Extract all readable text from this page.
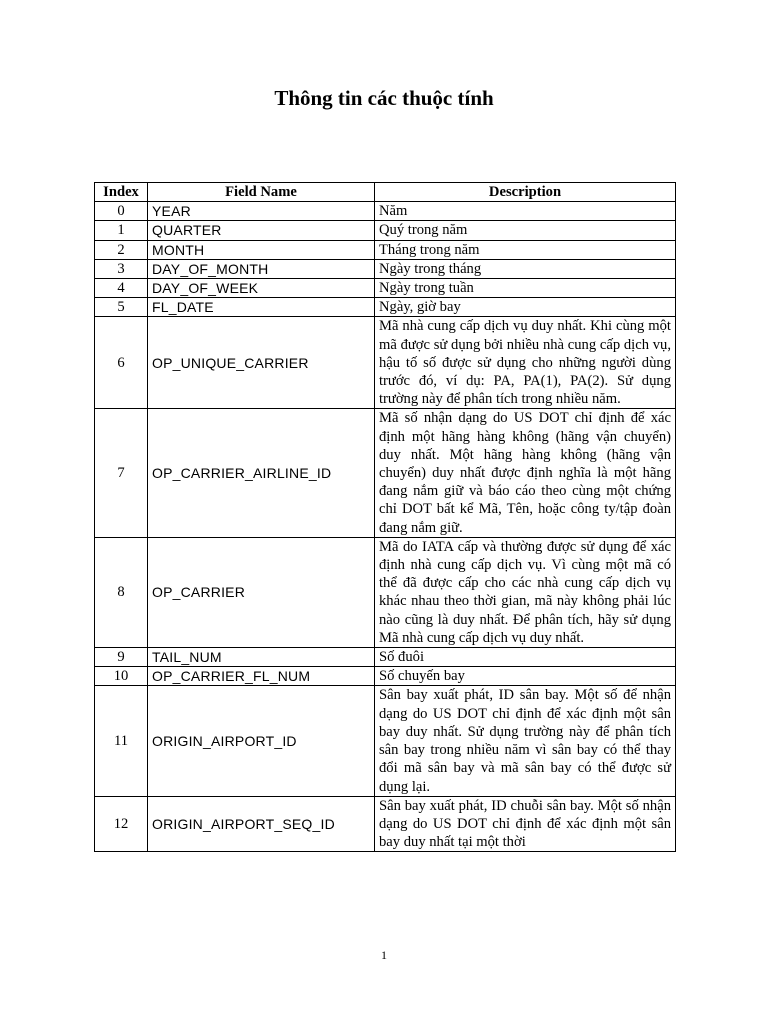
Thông tin các thuộc tính
Index	Field Name	Description
0	YEAR	Năm
1	QUARTER	Quý trong năm
2	MONTH	Tháng trong năm
3	DAY_OF_MONTH	Ngày trong tháng
4	DAY_OF_WEEK	Ngày trong tuần
5	FL_DATE	Ngày, giờ bay
6	OP_UNIQUE_CARRIER	Mã nhà cung cấp dịch vụ duy nhất. Khi cùng một mã được sử dụng bởi nhiều nhà cung cấp dịch vụ, hậu tố số được sử dụng cho những người dùng trước đó, ví dụ: PA, PA(1), PA(2). Sử dụng trường này để phân tích trong nhiều năm.
7	OP_CARRIER_AIRLINE_ID	Mã số nhận dạng do US DOT chỉ định để xác định một hãng hàng không (hãng vận chuyển) duy nhất. Một hãng hàng không (hãng vận chuyển) duy nhất được định nghĩa là một hãng đang nắm giữ và báo cáo theo cùng một chứng chỉ DOT bất kể Mã, Tên, hoặc công ty/tập đoàn đang nắm giữ.
8	OP_CARRIER	Mã do IATA cấp và thường được sử dụng để xác định nhà cung cấp dịch vụ. Vì cùng một mã có thể đã được cấp cho các nhà cung cấp dịch vụ khác nhau theo thời gian, mã này không phải lúc nào cũng là duy nhất. Để phân tích, hãy sử dụng Mã nhà cung cấp dịch vụ duy nhất.
9	TAIL_NUM	Số đuôi
10	OP_CARRIER_FL_NUM	Số chuyến bay
11	ORIGIN_AIRPORT_ID	Sân bay xuất phát, ID sân bay. Một số để nhận dạng do US DOT chỉ định để xác định một sân bay duy nhất. Sử dụng trường này để phân tích sân bay trong nhiều năm vì sân bay có thể thay đổi mã sân bay và mã sân bay có thể được sử dụng lại.
12	ORIGIN_AIRPORT_SEQ_ID	Sân bay xuất phát, ID chuỗi sân bay. Một số nhận dạng do US DOT chỉ định để xác định một sân bay duy nhất tại một thời
1
